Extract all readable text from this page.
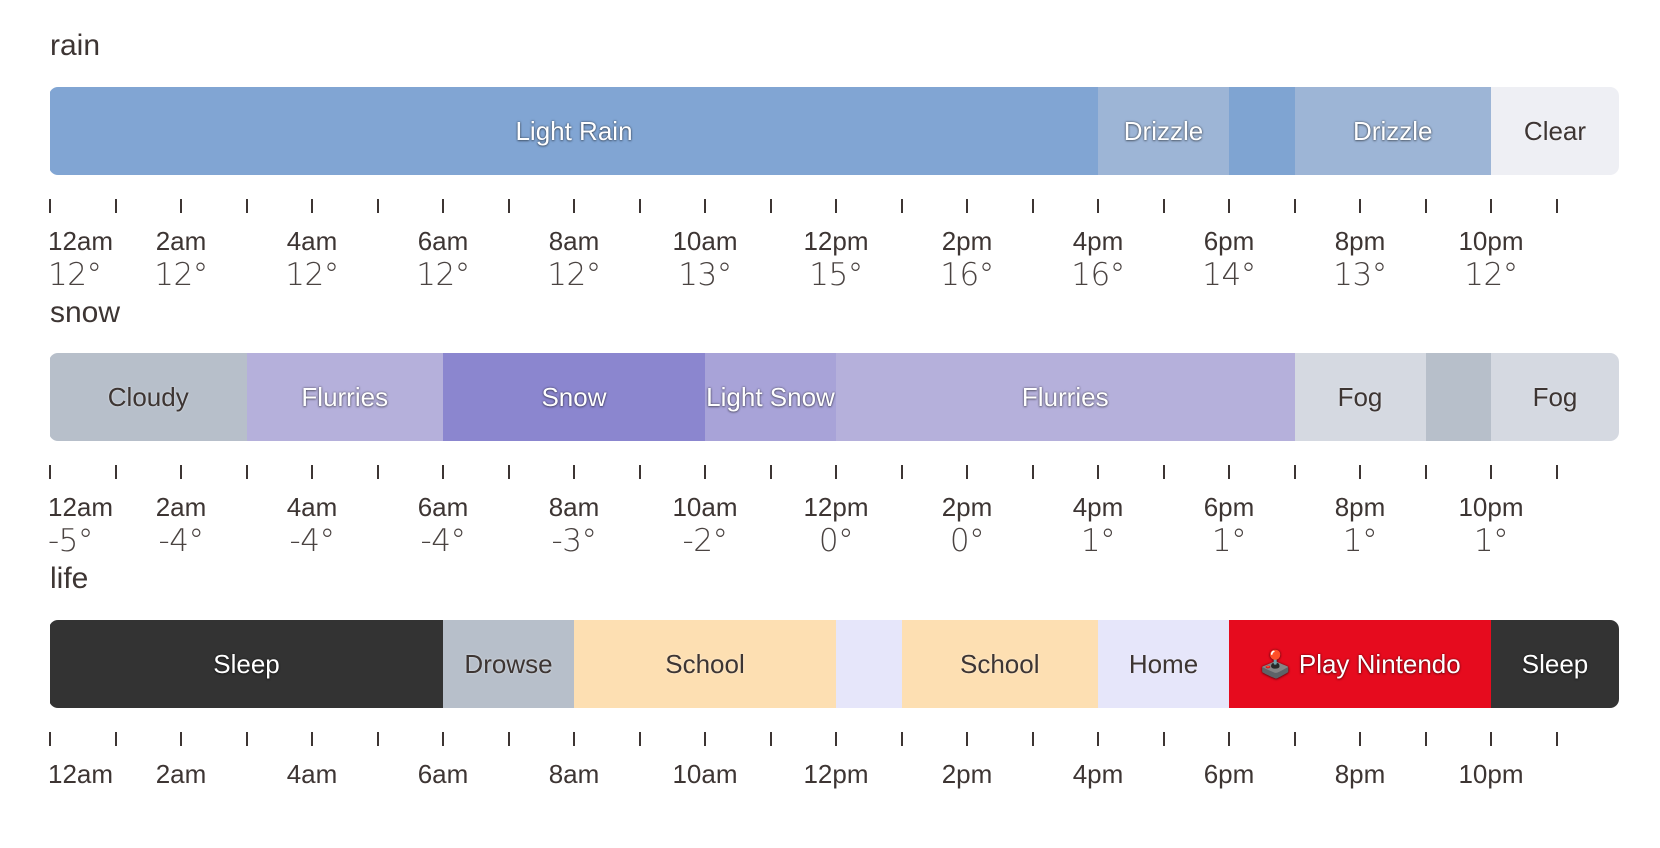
rain
Light Rain	Drizzle	Drizzle	Clear
12am	2am	4am	6am	8am	10am	12pm	2pm	4pm	6pm	8pm	10pm
12°	12°	12°	12°	12°	13°	15°	16°	16°	14°	13°	12°
snow
Cloudy	Flurries	Snow	Light Snow	Flurries	Fog	Fog
12am	2am	4am	6am	8am	10am	12pm	2pm	4pm	6pm	8pm	10pm
-5°	-4°	-4°	-4°	-3°	-2°	0°	0°	1°	1°	1°	1°
life
Sleep	Drowse	School	School	Home	🕹️ Play Nintendo	Sleep
12am	2am	4am	6am	8am	10am	12pm	2pm	4pm	6pm	8pm	10pm
